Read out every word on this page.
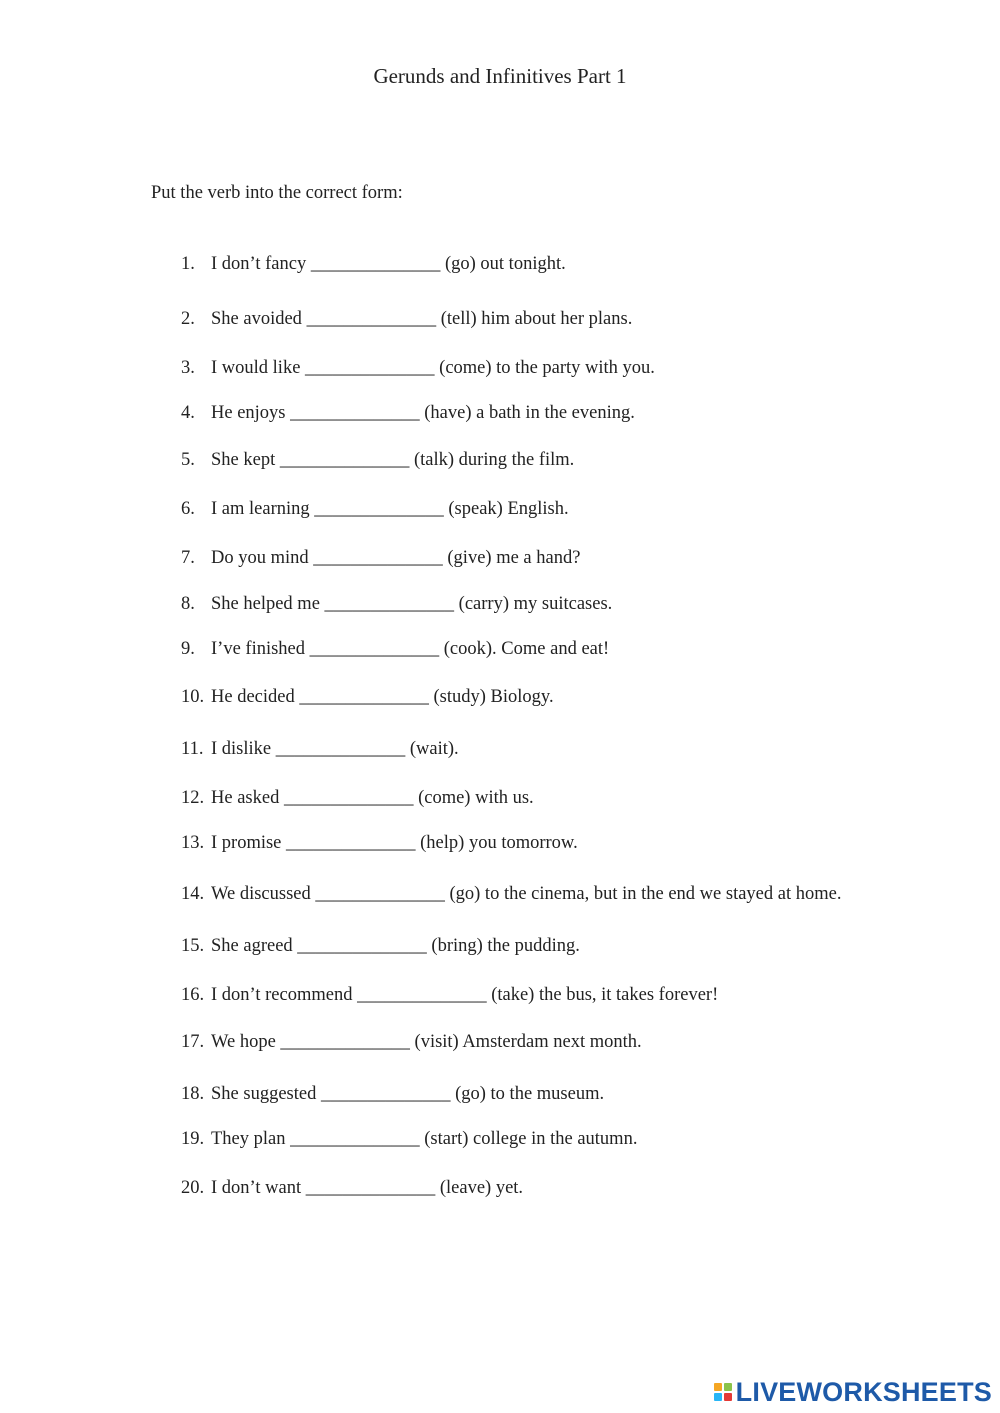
Gerunds and Infinitives Part 1
Put the verb into the correct form:
1. I don’t fancy ______________ (go) out tonight.
2. She avoided ______________ (tell) him about her plans.
3. I would like ______________ (come) to the party with you.
4. He enjoys ______________ (have) a bath in the evening.
5. She kept ______________ (talk) during the film.
6. I am learning ______________ (speak) English.
7. Do you mind ______________ (give) me a hand?
8. She helped me ______________ (carry) my suitcases.
9. I’ve finished ______________ (cook). Come and eat!
10. He decided ______________ (study) Biology.
11. I dislike ______________ (wait).
12. He asked ______________ (come) with us.
13. I promise ______________ (help) you tomorrow.
14. We discussed ______________ (go) to the cinema, but in the end we stayed at home.
15. She agreed ______________ (bring) the pudding.
16. I don’t recommend ______________ (take) the bus, it takes forever!
17. We hope ______________ (visit) Amsterdam next month.
18. She suggested ______________ (go) to the museum.
19. They plan ______________ (start) college in the autumn.
20. I don’t want ______________ (leave) yet.
LIVEWORKSHEETS
